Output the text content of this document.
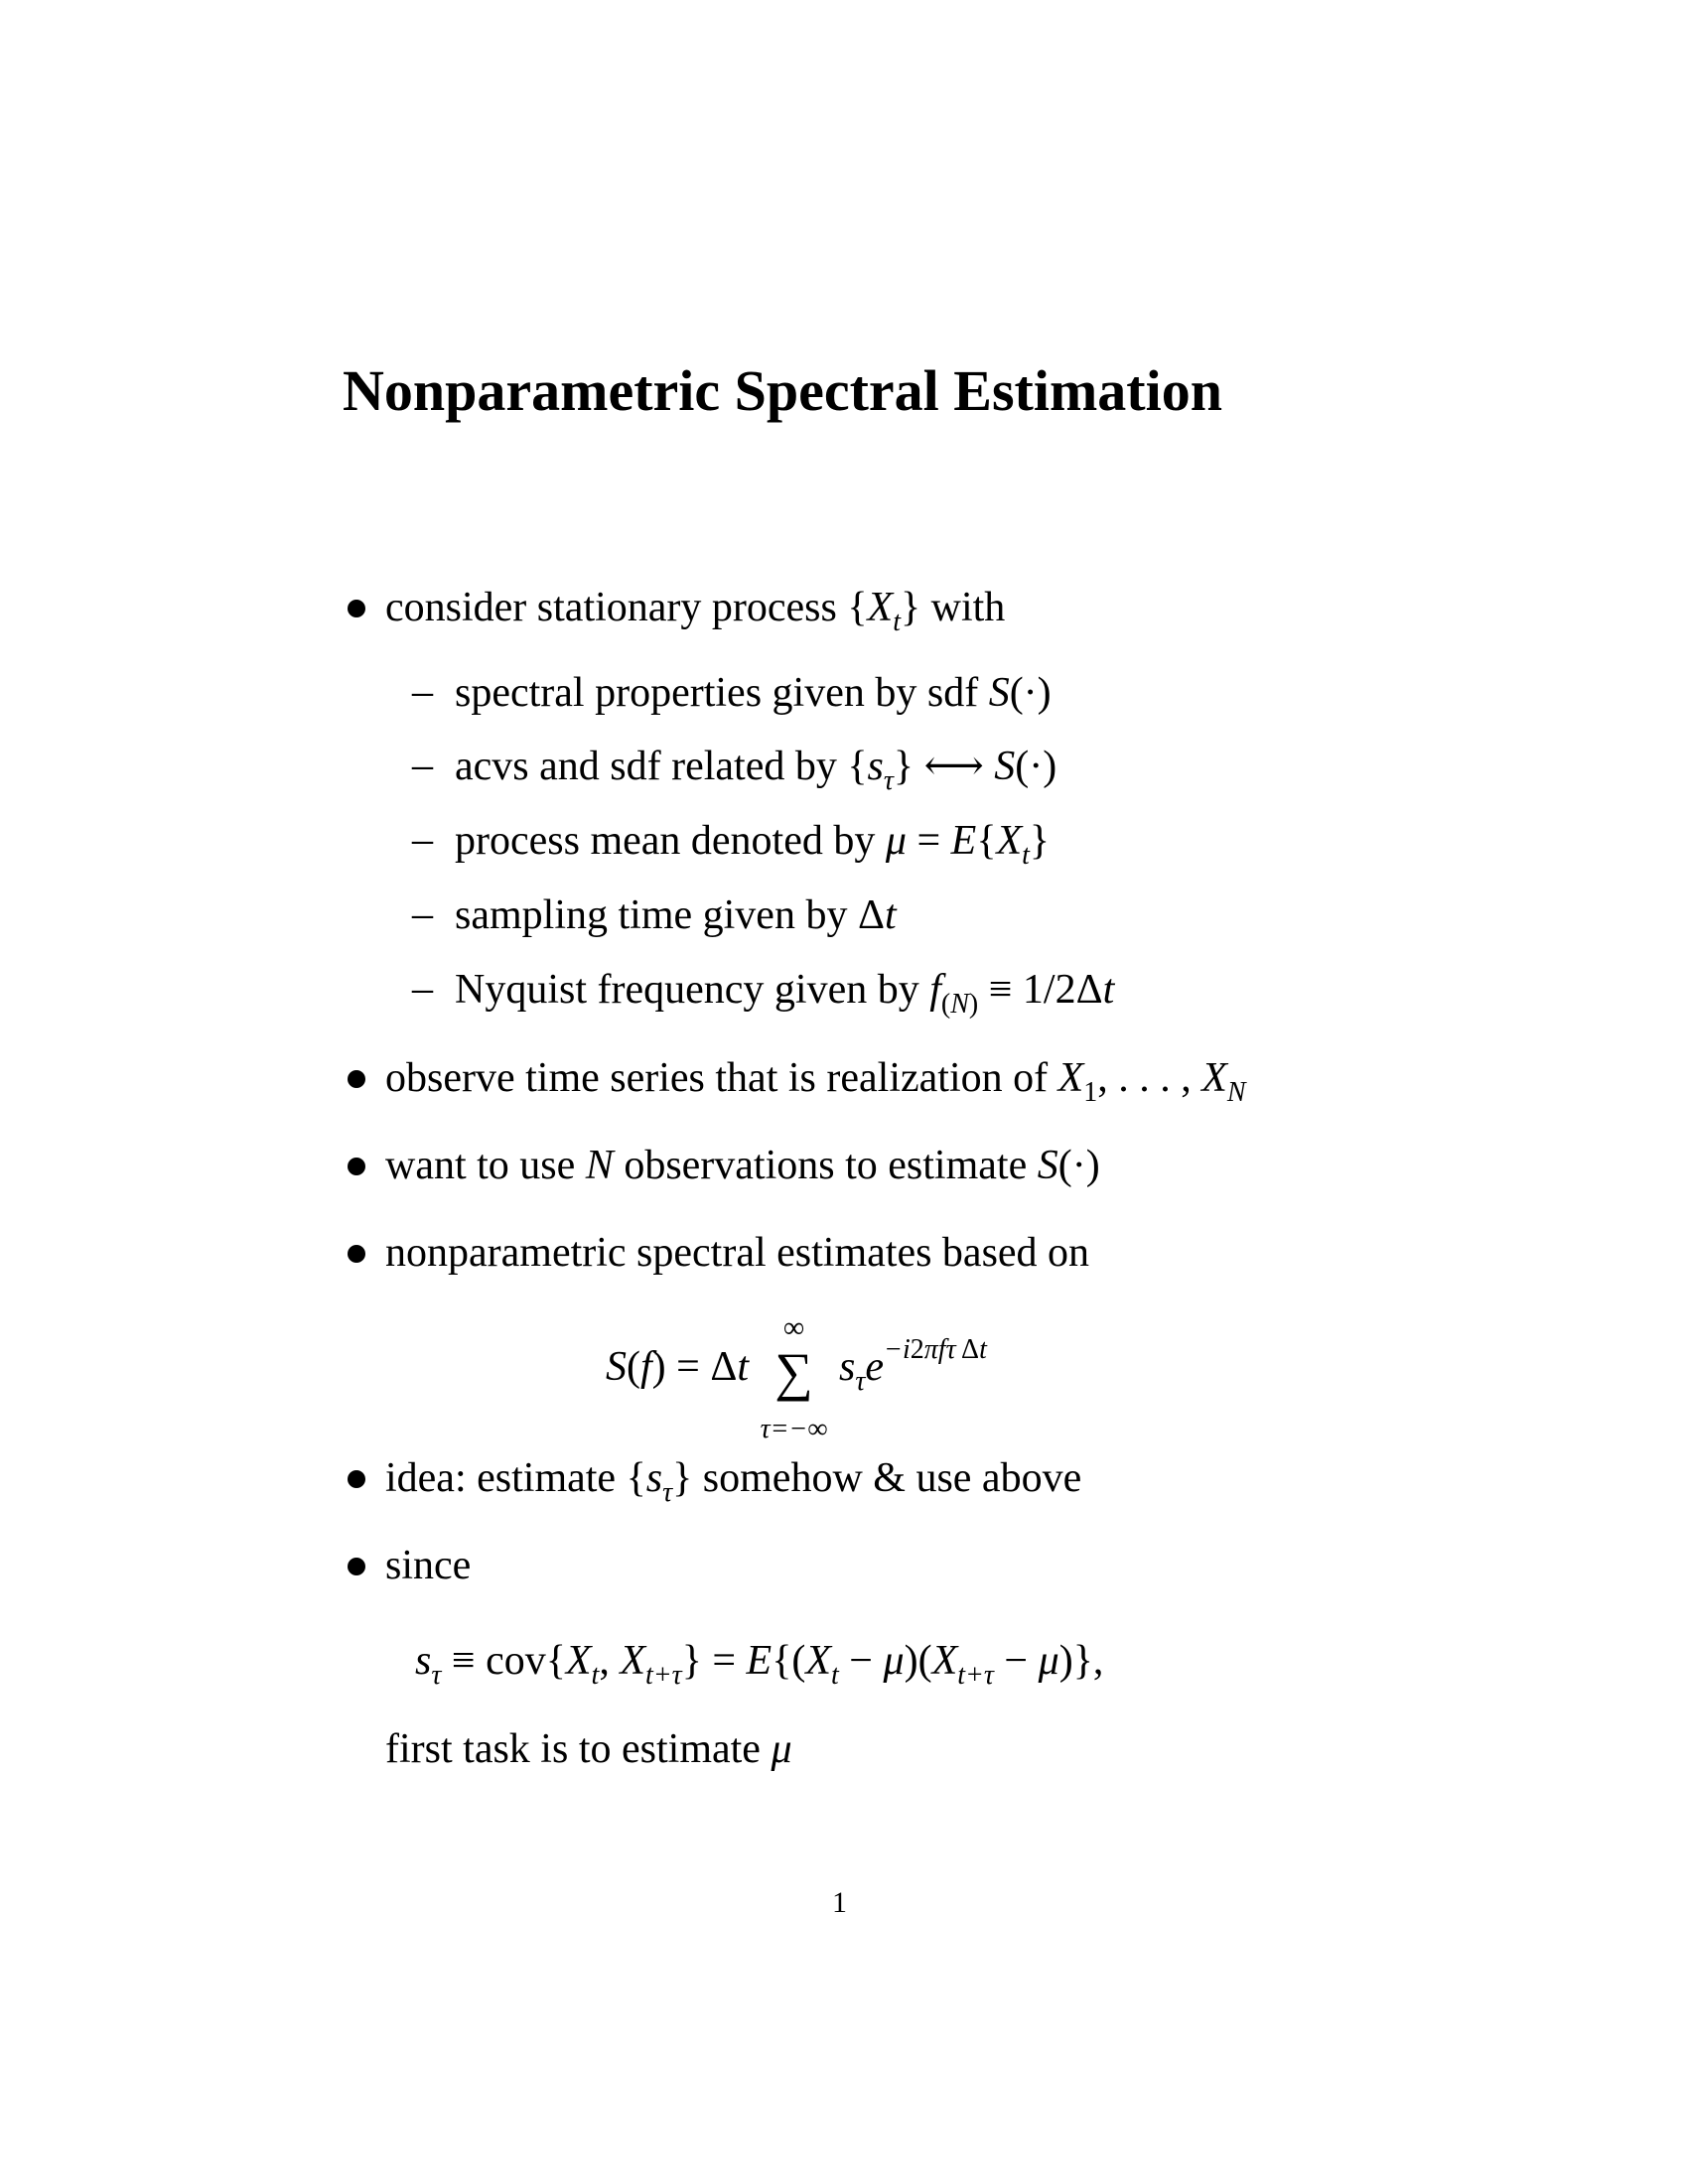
Nonparametric Spectral Estimation
consider stationary process $\{X_t\}$ with
– spectral properties given by sdf S(·)
– acvs and sdf related by $\{s_\tau\}$ ⟷ S(·)
– process mean denoted by $\mu = E\{X_t\}$
– sampling time given by Δt
– Nyquist frequency given by $f_{(N)} \equiv 1/2\Delta t$
observe time series that is realization of $X_1$, . . . , $X_N$
want to use N observations to estimate S(·)
nonparametric spectral estimates based on
S(f) = Δt
∞
∑
τ=−∞
$s_\tau e^{-i2\pi f\tau \Delta t}$
idea: estimate $\{s_\tau\}$ somehow & use above
since
$s_\tau \equiv cov\{X_t$, $X_{t+\tau}\} = E\{(X_t - \mu)(X_{t+\tau} - \mu)\}$,
first task is to estimate μ
1
